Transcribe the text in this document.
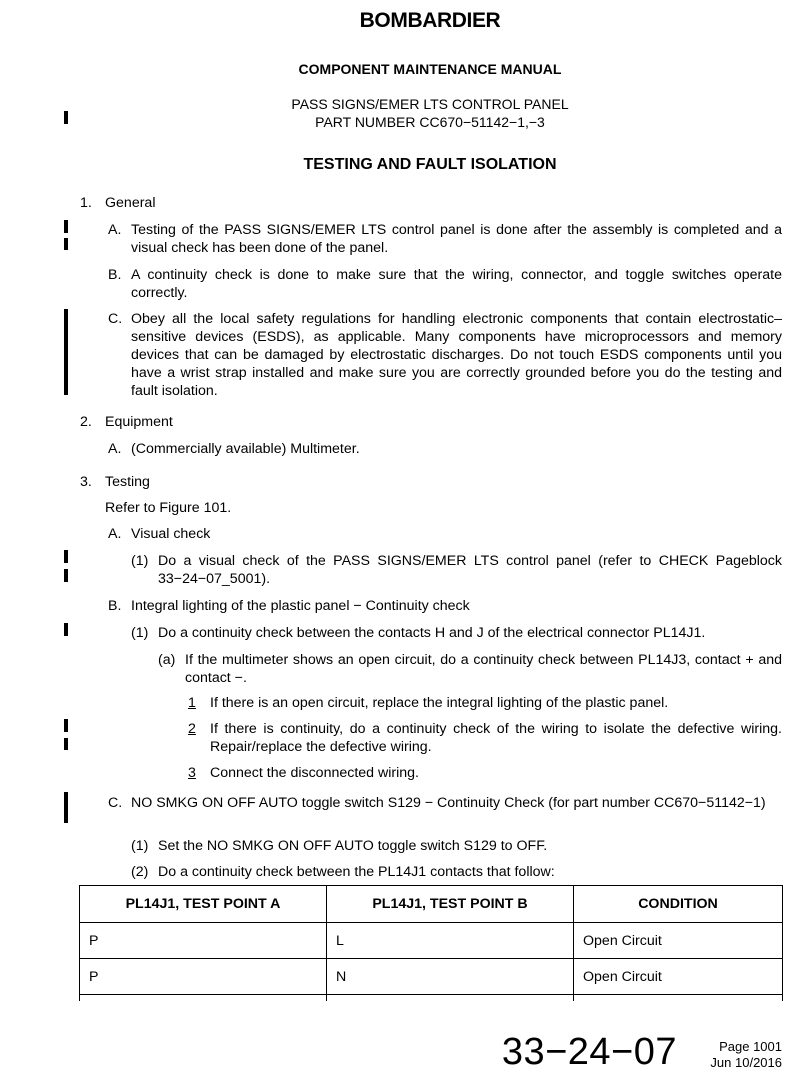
BOMBARDIER
COMPONENT MAINTENANCE MANUAL
PASS SIGNS/EMER LTS CONTROL PANEL
PART NUMBER CC670−51142−1,−3
TESTING AND FAULT ISOLATION
1. General
A. Testing of the PASS SIGNS/EMER LTS control panel is done after the assembly is completed and a visual check has been done of the panel.
B. A continuity check is done to make sure that the wiring, connector, and toggle switches operate correctly.
C. Obey all the local safety regulations for handling electronic components that contain electrostatic–sensitive devices (ESDS), as applicable. Many components have microprocessors and memory devices that can be damaged by electrostatic discharges. Do not touch ESDS components until you have a wrist strap installed and make sure you are correctly grounded before you do the testing and fault isolation.
2. Equipment
A. (Commercially available) Multimeter.
3. Testing
Refer to Figure 101.
A. Visual check
(1) Do a visual check of the PASS SIGNS/EMER LTS control panel (refer to CHECK Pageblock 33−24−07_5001).
B. Integral lighting of the plastic panel − Continuity check
(1) Do a continuity check between the contacts H and J of the electrical connector PL14J1.
(a) If the multimeter shows an open circuit, do a continuity check between PL14J3, contact + and contact −.
1 If there is an open circuit, replace the integral lighting of the plastic panel.
2 If there is continuity, do a continuity check of the wiring to isolate the defective wiring. Repair/replace the defective wiring.
3 Connect the disconnected wiring.
C. NO SMKG ON OFF AUTO toggle switch S129 − Continuity Check (for part number CC670−51142−1)
(1) Set the NO SMKG ON OFF AUTO toggle switch S129 to OFF.
(2) Do a continuity check between the PL14J1 contacts that follow:
PL14J1, TEST POINT A	PL14J1, TEST POINT B	CONDITION
P	L	Open Circuit
P	N	Open Circuit

33−24−07	Page 1001
Jun 10/2016
